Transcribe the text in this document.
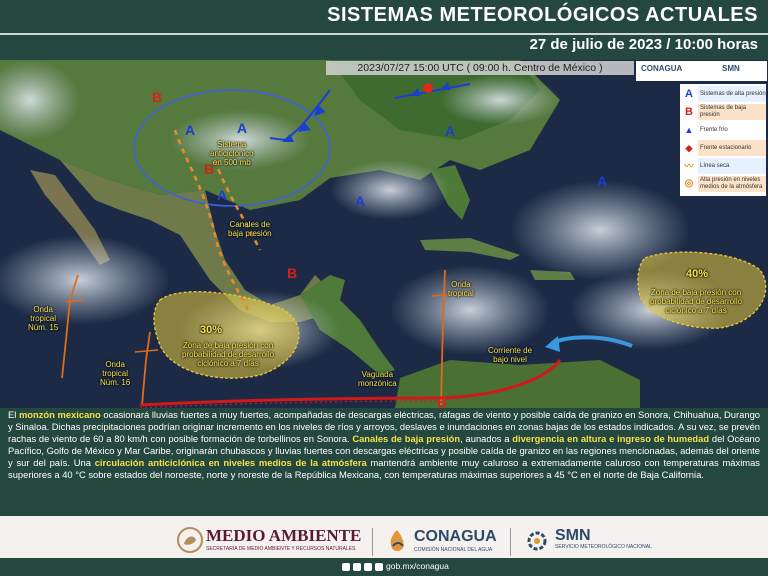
SISTEMAS METEOROLÓGICOS ACTUALES
27 de julio de 2023 / 10:00 horas
A	A	A
A
A
A
B
B
B
B
Sistema
anticiclónico
en 500 mb
Canales de
baja presión
Onda
tropical
Núm. 15
Onda
tropical
Núm. 16
Onda
tropical
Corriente de
bajo nivel
Vaguada
monzónica
30%
Zona de baja presión con
probabilidad de desarrollo
ciclónico a 7 días
40%
Zona de baja presión con
probabilidad de desarrollo
ciclónico a 7 días
2023/07/27 15:00 UTC ( 09:00 h. Centro de México )	CONAGUA	SMN
A	Sistemas de alta presión
B	Sistemas de baja presión
▲	Frente frío
◆	Frente estacionario
〰	Línea seca
◎	Alta presión en niveles medios de la atmósfera
El monzón mexicano ocasionará lluvias fuertes a muy fuertes, acompañadas de descargas eléctricas, ráfagas de viento y posible caída de granizo en Sonora, Chihuahua, Durango y Sinaloa. Dichas precipitaciones podrían originar incremento en los niveles de ríos y arroyos, deslaves e inundaciones en zonas bajas de los estados indicados. A su vez, se prevén rachas de viento de 60 a 80 km/h con posible formación de torbellinos en Sonora. Canales de baja presión, aunados a divergencia en altura e ingreso de humedad del Océano Pacífico, Golfo de México y Mar Caribe, originarán chubascos y lluvias fuertes con descargas eléctricas y posible caída de granizo en las regiones mencionadas, además del oriente y sur del país. Una circulación anticiclónica en niveles medios de la atmósfera mantendrá ambiente muy caluroso a extremadamente caluroso con temperaturas máximas superiores a 40 °C sobre estados del noroeste, norte y noreste de la República Mexicana, con temperaturas máximas superiores a 45 °C en el norte de Baja California.
MEDIO AMBIENTE
SECRETARÍA DE MEDIO AMBIENTE Y RECURSOS NATURALES
CONAGUA
COMISIÓN NACIONAL DEL AGUA
SMN
SERVICIO METEOROLÓGICO NACIONAL
gob.mx/conagua
